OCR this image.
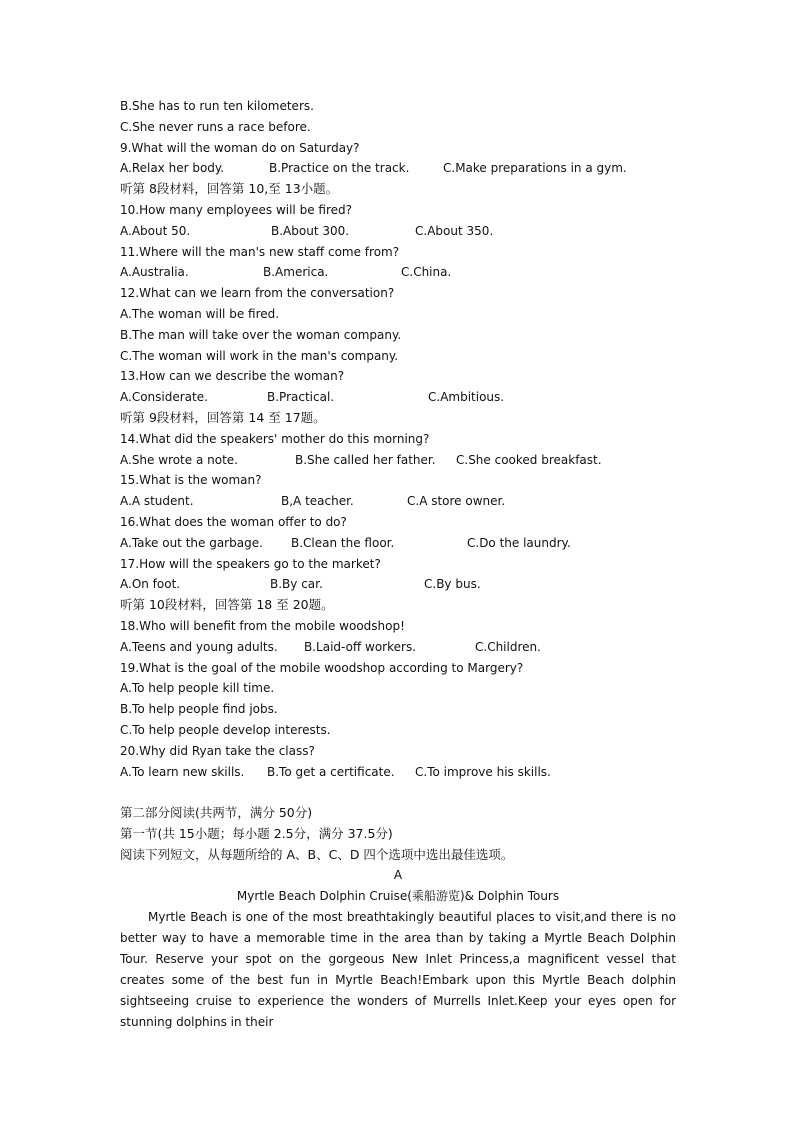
B.She has to run ten kilometers.
C.She never runs a race before.
9.What will the woman do on Saturday?
A.Relax her body.	B.Practice on the track.	C.Make preparations in a gym.
听第 8段材料，回答第 10,至 13小题。
10.How many employees will be fired?
A.About 50.	B.About 300.	C.About 350.
11.Where will the man's new staff come from?
A.Australia.	B.America.	C.China.
12.What can we learn from the conversation?
A.The woman will be fired.
B.The man will take over the woman company.
C.The woman will work in the man's company.
13.How can we describe the woman?
A.Considerate.	B.Practical.	C.Ambitious.
听第 9段材料，回答第 14 至 17题。
14.What did the speakers' mother do this morning?
A.She wrote a note.	B.She called her father. C.She cooked breakfast.
15.What is the woman?
A.A student.	B,A teacher.	C.A store owner.
16.What does the woman offer to do?
A.Take out the garbage. B.Clean the floor.	C.Do the laundry.
17.How will the speakers go to the market?
A.On foot.	B.By car.	C.By bus.
听第 10段材料，回答第 18 至 20题。
18.Who will benefit from the mobile woodshop!
A.Teens and young adults. B.Laid-off workers.	C.Children.
19.What is the goal of the mobile woodshop according to Margery?
A.To help people kill time.
B.To help people find jobs.
C.To help people develop interests.
20.Why did Ryan take the class?
A.To learn new skills. B.To get a certificate. C.To improve his skills.
第二部分阅读(共两节，满分 50分)
第一节(共 15小题；每小题 2.5分，满分 37.5分)
阅读下列短文，从每题所给的 A、B、C、D 四个选项中选出最佳选项。
A
Myrtle Beach Dolphin Cruise(乘船游览)& Dolphin Tours

Myrtle Beach is one of the most breathtakingly beautiful places to visit,and there is no better way to have a memorable time in the area than by taking a Myrtle Beach Dolphin Tour. Reserve your spot on the gorgeous New Inlet Princess,a magnificent vessel that creates some of the best fun in Myrtle Beach!Embark upon this Myrtle Beach dolphin sightseeing cruise to experience the wonders of Murrells Inlet.Keep your eyes open for stunning dolphins in their
